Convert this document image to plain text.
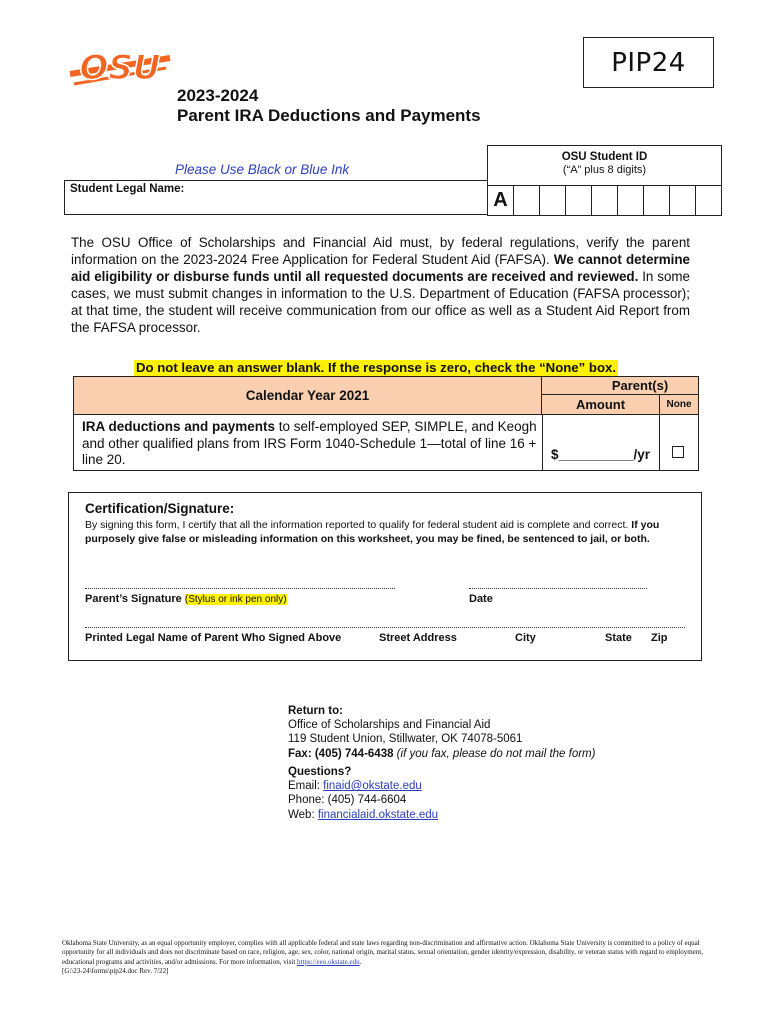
OSU	PIP24
2023-2024
Parent IRA Deductions and Payments
Please Use Black or Blue Ink
OSU Student ID
(“A” plus 8 digits)
A
Student Legal Name:
The OSU Office of Scholarships and Financial Aid must, by federal regulations, verify the parent information on the 2023-2024 Free Application for Federal Student Aid (FAFSA). We cannot determine aid eligibility or disburse funds until all requested documents are received and reviewed. In some cases, we must submit changes in information to the U.S. Department of Education (FAFSA processor); at that time, the student will receive communication from our office as well as a Student Aid Report from the FAFSA processor.
Do not leave an answer blank. If the response is zero, check the “None” box.
Calendar Year 2021
Parent(s)
Amount	None
IRA deductions and payments to self-employed SEP, SIMPLE, and Keogh and other qualified plans from IRS Form 1040-Schedule 1—total of line 16 + line 20.	$__________/yr
Certification/Signature:
By signing this form, I certify that all the information reported to qualify for federal student aid is complete and correct. If you purposely give false or misleading information on this worksheet, you may be fined, be sentenced to jail, or both.
Parent’s Signature (Stylus or ink pen only)	Date
Printed Legal Name of Parent Who Signed Above	Street Address	City	State Zip
Return to:
Office of Scholarships and Financial Aid
119 Student Union, Stillwater, OK 74078-5061
Fax: (405) 744-6438 (if you fax, please do not mail the form)
Questions?
Email: finaid@okstate.edu
Phone: (405) 744-6604
Web: financialaid.okstate.edu
Oklahoma State University, as an equal opportunity employer, complies with all applicable federal and state laws regarding non-discrimination and affirmative action. Oklahoma State University is committed to a policy of equal opportunity for all individuals and does not discriminate based on race, religion, age, sex, color, national origin, marital status, sexual orientation, gender identity/expression, disability, or veteran status with regard to employment, educational programs and activities, and/or admissions. For more information, visit https://eeo.okstate.edu.
[G:\23-24\forms\pip24.doc Rev. 7/22]
